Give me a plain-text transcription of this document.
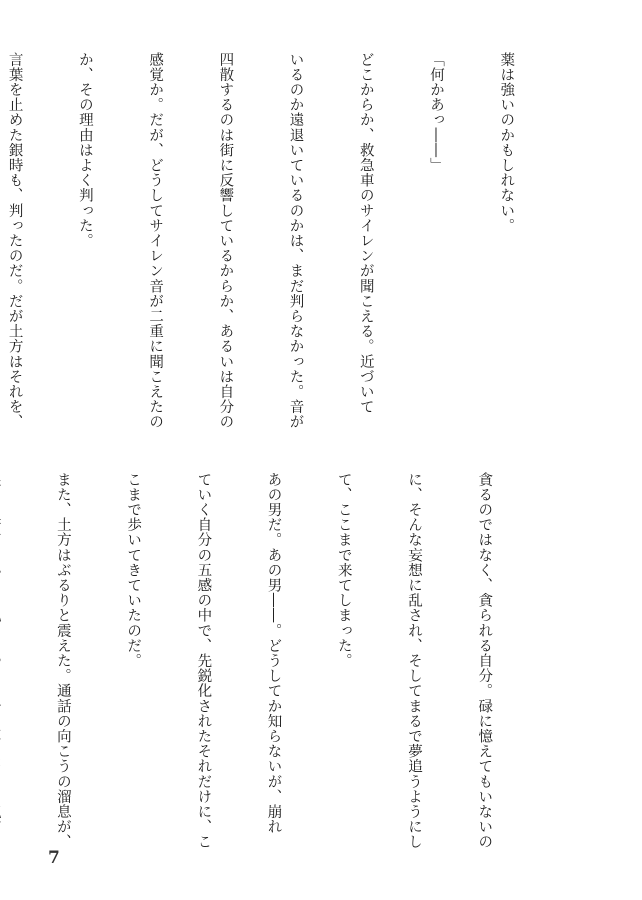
薬は強いのかもしれない。

「何かあっ――」

どこからか、救急車のサイレンが聞こえる。近づいて

いるのか遠退いているのかは、まだ判らなかった。音が

四散するのは街に反響しているからか、あるいは自分の

感覚か。だが、どうしてサイレン音が二重に聞こえたの

か、その理由はよく判った。

言葉を止めた銀時も、判ったのだ。だが土方はそれを、

貪るのではなく、貪られる自分。碌に憶えてもいないの

に、そんな妄想に乱され、そしてまるで夢追うようにし

て、ここまで来てしまった。

あの男だ。あの男――。どうしてか知らないが、崩れ

ていく自分の五感の中で、先鋭化されたそれだけに、こ

こまで歩いてきていたのだ。

また、土方はぶるりと震えた。通話の向こうの溜息が、

7
